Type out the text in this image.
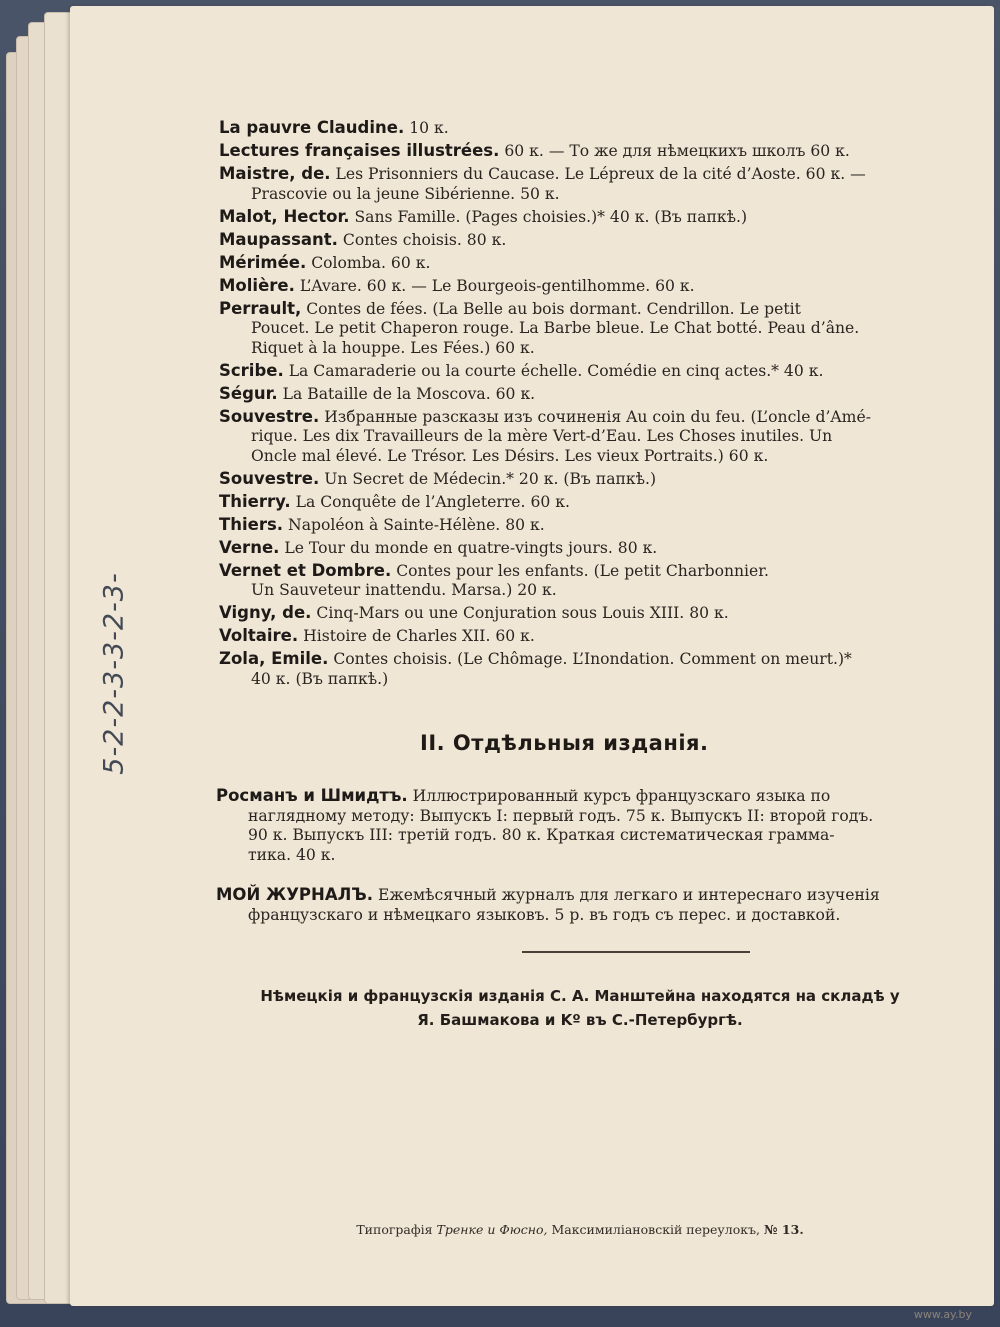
5-2-2-3-3-2-3-
La pauvre Claudine. 10 к.
Lectures françaises illustrées. 60 к. — То же для нѣмецкихъ школъ 60 к.
Maistre, de. Les Prisonniers du Caucase. Le Lépreux de la cité d’Aoste. 60 к. —
Prascovie ou la jeune Sibérienne. 50 к.
Malot, Hector. Sans Famille. (Pages choisies.)* 40 к. (Въ папкѣ.)
Maupassant. Contes choisis. 80 к.
Mérimée. Colomba. 60 к.
Molière. L’Avare. 60 к. — Le Bourgeois-gentilhomme. 60 к.
Perrault, Contes de fées. (La Belle au bois dormant. Cendrillon. Le petit
Poucet. Le petit Chaperon rouge. La Barbe bleue. Le Chat botté. Peau d’âne.
Riquet à la houppe. Les Fées.) 60 к.
Scribe. La Camaraderie ou la courte échelle. Comédie en cinq actes.* 40 к.
Ségur. La Bataille de la Moscova. 60 к.
Souvestre. Избранные разсказы изъ сочиненія Au coin du feu. (L’oncle d’Amé-
rique. Les dix Travailleurs de la mère Vert-d’Eau. Les Choses inutiles. Un
Oncle mal élevé. Le Trésor. Les Désirs. Les vieux Portraits.) 60 к.
Souvestre. Un Secret de Médecin.* 20 к. (Въ папкѣ.)
Thierry. La Conquête de l’Angleterre. 60 к.
Thiers. Napoléon à Sainte-Hélène. 80 к.
Verne. Le Tour du monde en quatre-vingts jours. 80 к.
Vernet et Dombre. Contes pour les enfants. (Le petit Charbonnier.
Un Sauveteur inattendu. Marsa.) 20 к.
Vigny, de. Cinq-Mars ou une Conjuration sous Louis XIII. 80 к.
Voltaire. Histoire de Charles XII. 60 к.
Zola, Emile. Contes choisis. (Le Chômage. L’Inondation. Comment on meurt.)*
40 к. (Въ папкѣ.)
II. Отдѣльныя изданія.
Росманъ и Шмидтъ. Иллюстрированный курсъ французскаго языка по
наглядному методу: Выпускъ I: первый годъ. 75 к. Выпускъ II: второй годъ.
90 к. Выпускъ III: третій годъ. 80 к. Краткая систематическая грамма-
тика. 40 к.
МОЙ ЖУРНАЛЪ. Ежемѣсячный журналъ для легкаго и интереснаго изученія
французскаго и нѣмецкаго языковъ. 5 р. въ годъ съ перес. и доставкой.
Нѣмецкія и французскія изданія С. А. Манштейна находятся на складѣ у
Я. Башмакова и Kº въ С.-Петербургѣ.
Типографія Тренке и Фюсно, Максимиліановскій переулокъ, № 13.
www.ay.by
